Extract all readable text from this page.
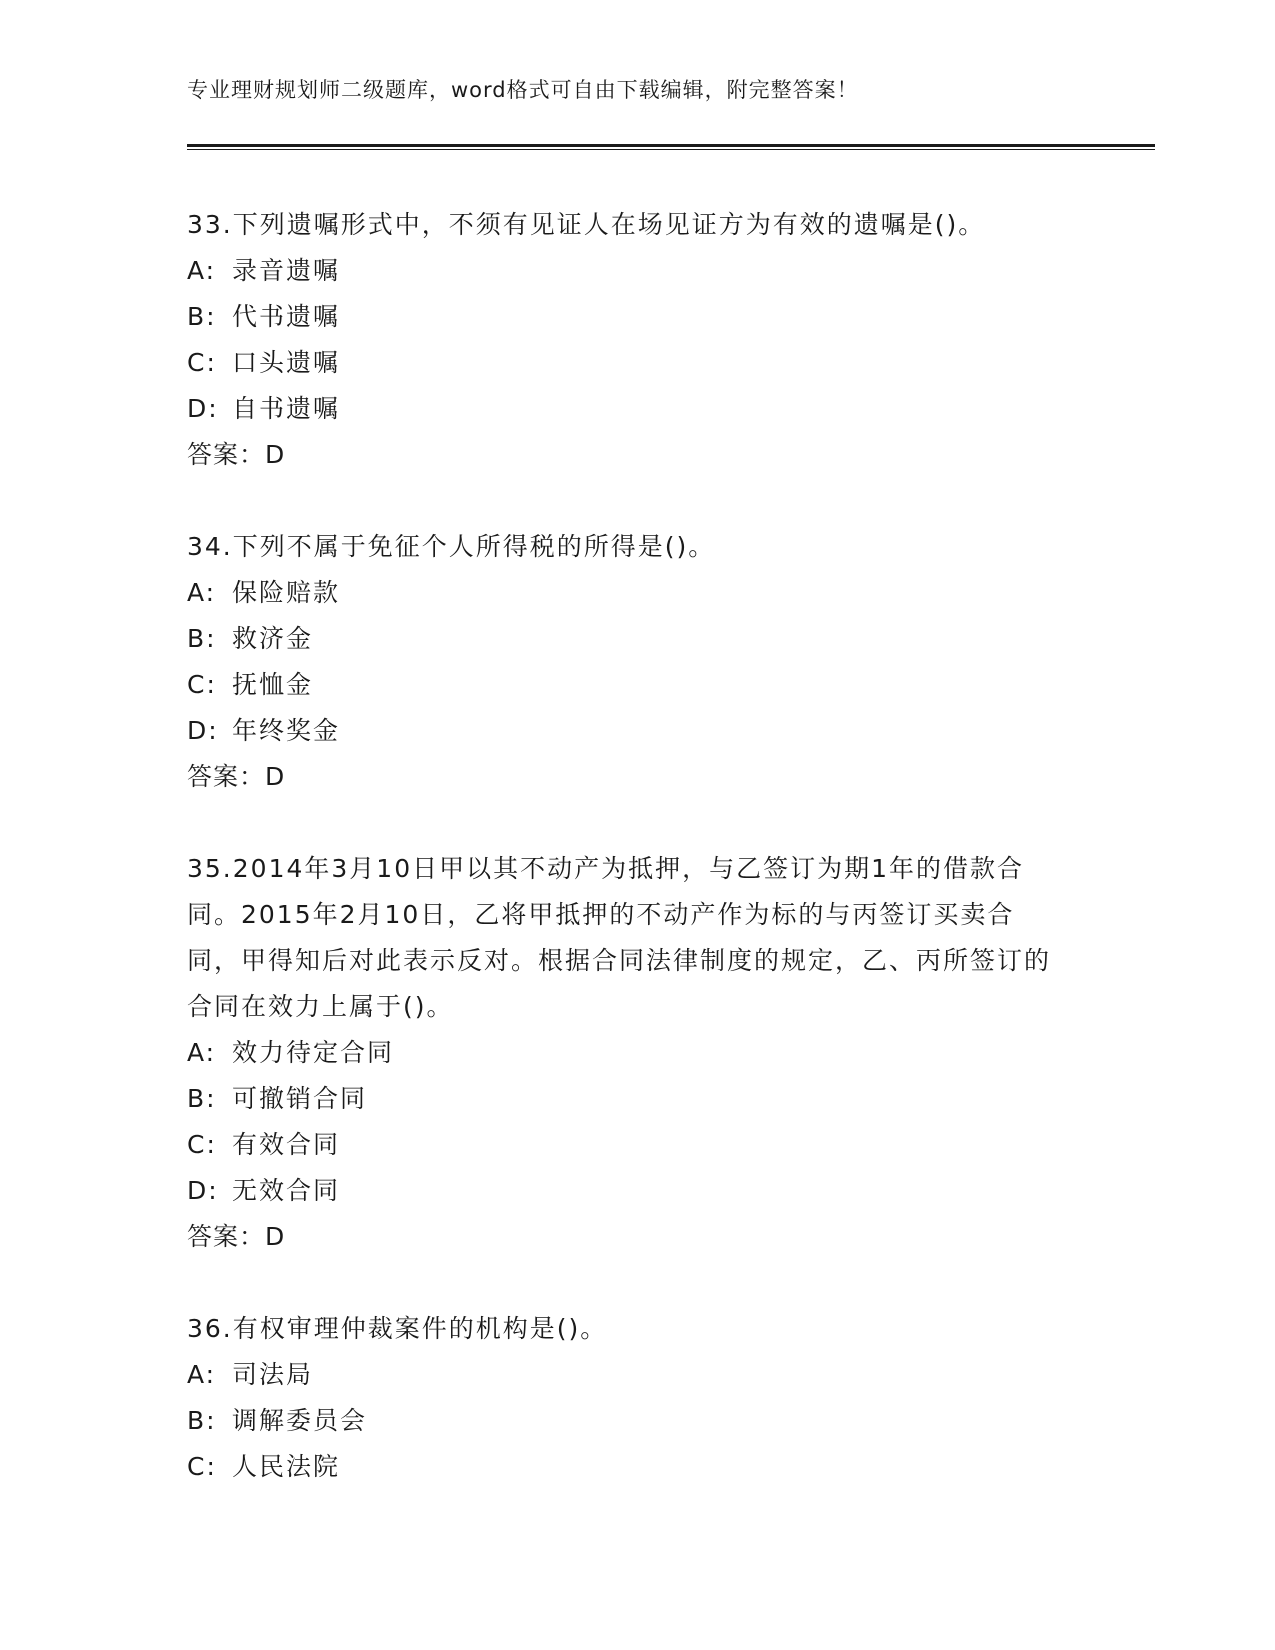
专业理财规划师二级题库，word格式可自由下载编辑，附完整答案！

33.下列遗嘱形式中，不须有见证人在场见证方为有效的遗嘱是()。

A: 录音遗嘱

B: 代书遗嘱

C: 口头遗嘱

D: 自书遗嘱

答案：D

34.下列不属于免征个人所得税的所得是()。

A: 保险赔款

B: 救济金

C: 抚恤金

D: 年终奖金

答案：D

35.2014年3月10日甲以其不动产为抵押，与乙签订为期1年的借款合同。2015年2月10日，乙将甲抵押的不动产作为标的与丙签订买卖合同，甲得知后对此表示反对。根据合同法律制度的规定，乙、丙所签订的合同在效力上属于()。

A: 效力待定合同

B: 可撤销合同

C: 有效合同

D: 无效合同

答案：D

36.有权审理仲裁案件的机构是()。

A: 司法局

B: 调解委员会

C: 人民法院
